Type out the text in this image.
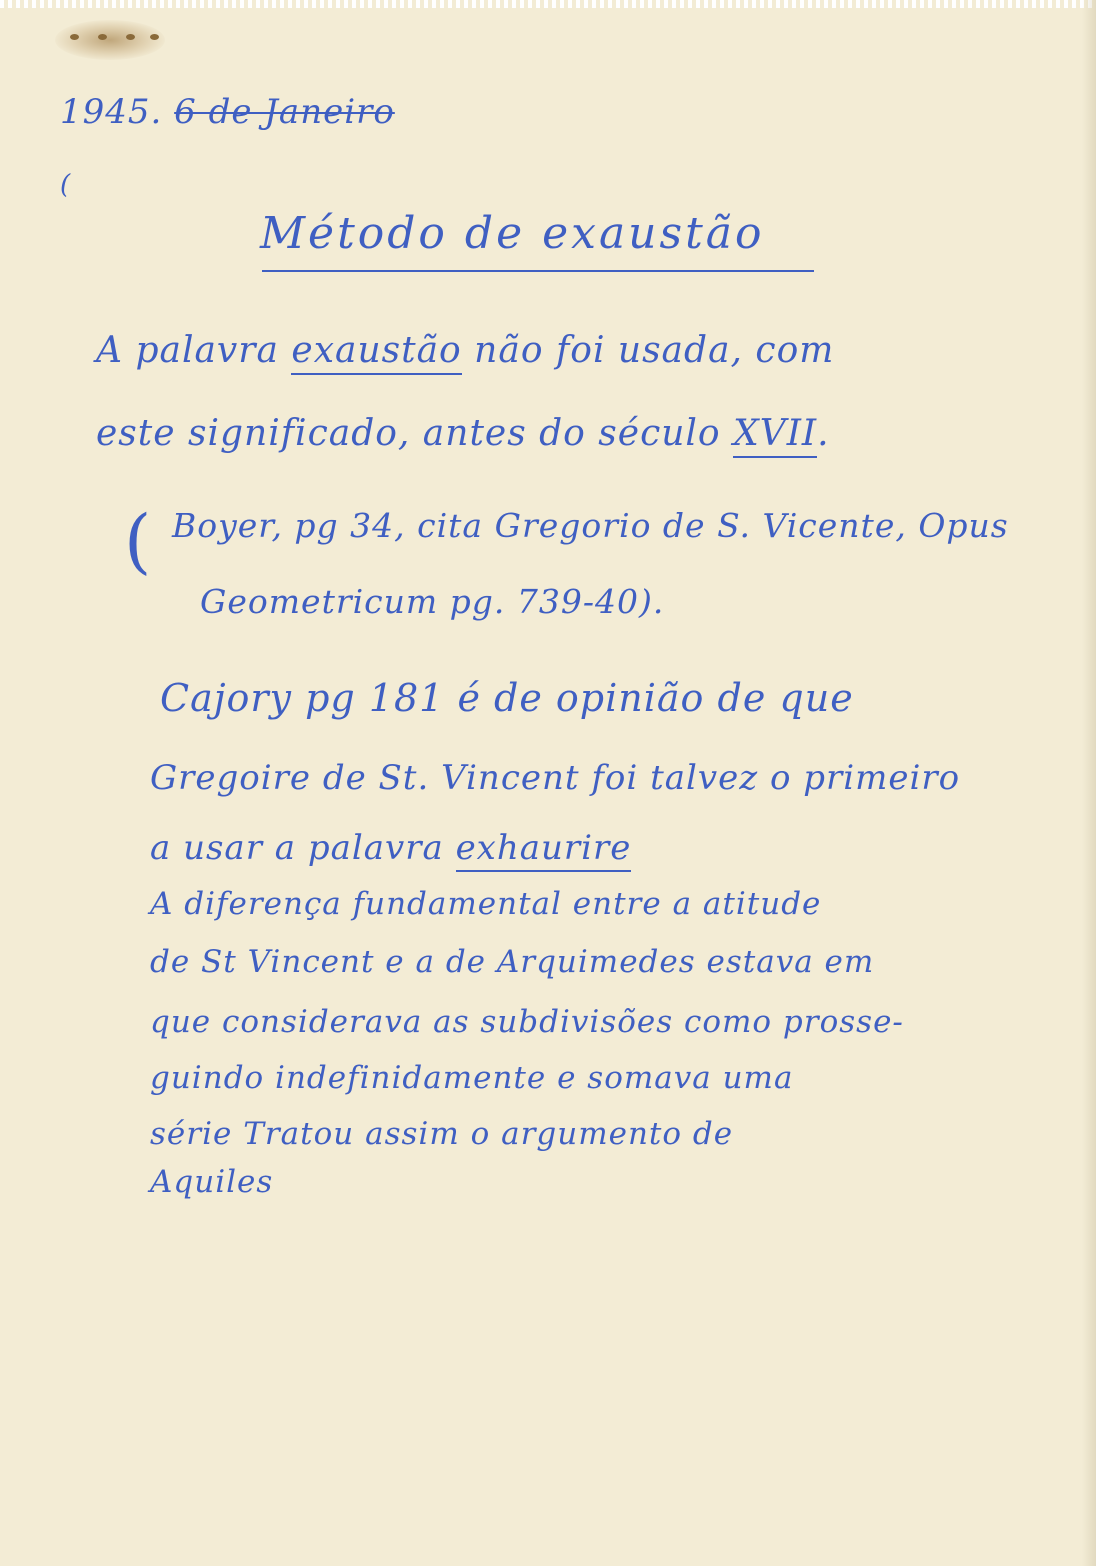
1945. 6 de Janeiro
(
Método de exaustão
A palavra exaustão não foi usada, com
este significado, antes do século XVII.
( Boyer, pg 34, cita Gregorio de S. Vicente, Opus
Geometricum pg. 739-40).
Cajory pg 181 é de opinião de que
Gregoire de St. Vincent foi talvez o primeiro
a usar a palavra exhaurire
A diferença fundamental entre a atitude
de St Vincent e a de Arquimedes estava em
que considerava as subdivisões como prosse-
guindo indefinidamente e somava uma
série Tratou assim o argumento de
Aquiles
